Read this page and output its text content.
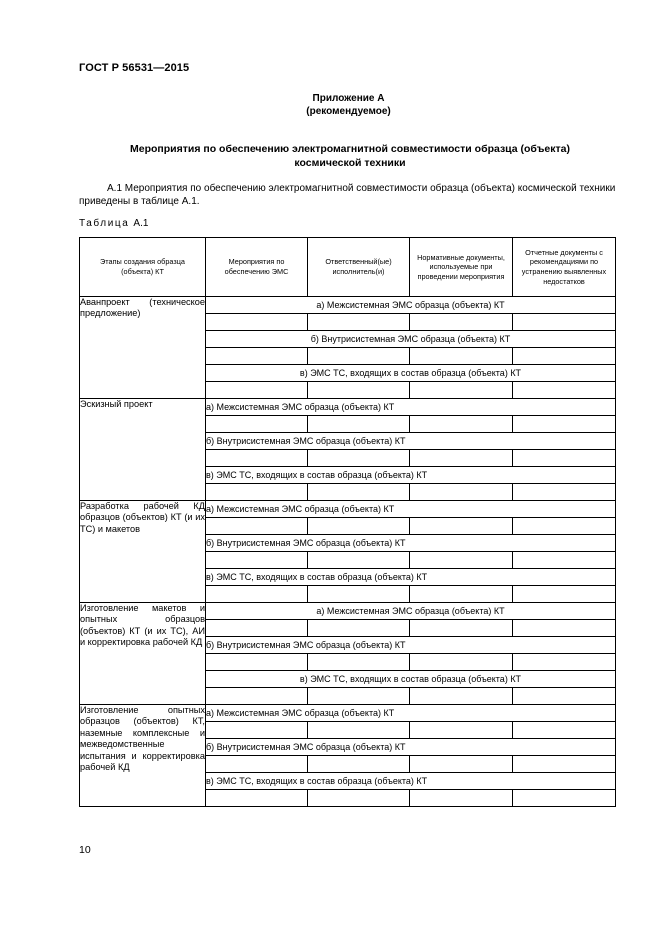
ГОСТ Р 56531—2015
Приложение А
(рекомендуемое)
Мероприятия по обеспечению электромагнитной совместимости образца (объекта)
космической техники
А.1 Мероприятия по обеспечению электромагнитной совместимости образца (объекта) космической техники приведены в таблице А.1.
Таблица А.1
Этапы создания образца (объекта) КТ	Мероприятия по обеспечению ЭМС	Ответственный(ые) исполнитель(и)	Нормативные документы, используемые при проведении мероприятия	Отчетные документы с рекомендациями по устранению выявленных недостатков
Аванпроект (техническое предложение)	а) Межсистемная ЭМС образца (объекта) КТ			

	б) Внутрисистемная ЭМС образца (объекта) КТ			

	в) ЭМС ТС, входящих в состав образца (объекта) КТ			

Эскизный проект	а) Межсистемная ЭМС образца (объекта) КТ			

	б) Внутрисистемная ЭМС образца (объекта) КТ			

	в) ЭМС ТС, входящих в состав образца (объекта) КТ			

Разработка рабочей КД образцов (объектов) КТ (и их ТС) и макетов	а) Межсистемная ЭМС образца (объекта) КТ			

	б) Внутрисистемная ЭМС образца (объекта) КТ			

	в) ЭМС ТС, входящих в состав образца (объекта) КТ			

Изготовление макетов и опытных образцов (объектов) КТ (и их ТС), АИ и корректировка рабочей КД	а) Межсистемная ЭМС образца (объекта) КТ			

	б) Внутрисистемная ЭМС образца (объекта) КТ			

	в) ЭМС ТС, входящих в состав образца (объекта) КТ			

Изготовление опытных образцов (объектов) КТ, наземные комплексные и межведомственные испытания и корректировка рабочей КД	а) Межсистемная ЭМС образца (объекта) КТ			

	б) Внутрисистемная ЭМС образца (объекта) КТ			

	в) ЭМС ТС, входящих в состав образца (объекта) КТ			

10
